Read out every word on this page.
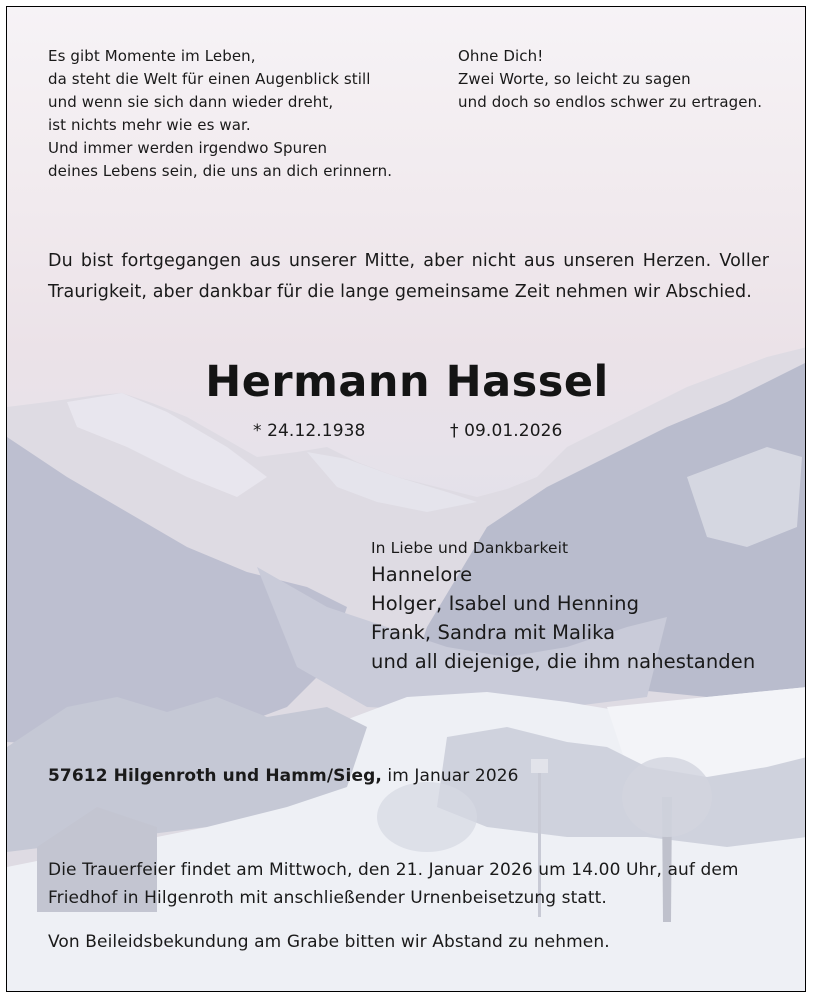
Es gibt Momente im Leben,
da steht die Welt für einen Augenblick still
und wenn sie sich dann wieder dreht,
ist nichts mehr wie es war.
Und immer werden irgendwo Spuren
deines Lebens sein, die uns an dich erinnern.
Ohne Dich!
Zwei Worte, so leicht zu sagen
und doch so endlos schwer zu ertragen.
Du bist fortgegangen aus unserer Mitte, aber nicht aus unseren Herzen. Voller Traurigkeit, aber dankbar für die lange gemeinsame Zeit nehmen wir Abschied.
Hermann Hassel
* 24.12.1938	† 09.01.2026
In Liebe und Dankbarkeit
Hannelore
Holger, Isabel und Henning
Frank, Sandra mit Malika
und all diejenige, die ihm nahestanden
57612 Hilgenroth und Hamm/Sieg, im Januar 2026
Die Trauerfeier findet am Mittwoch, den 21. Januar 2026 um 14.00 Uhr, auf dem Friedhof in Hilgenroth mit anschließender Urnenbeisetzung statt.
Von Beileidsbekundung am Grabe bitten wir Abstand zu nehmen.
